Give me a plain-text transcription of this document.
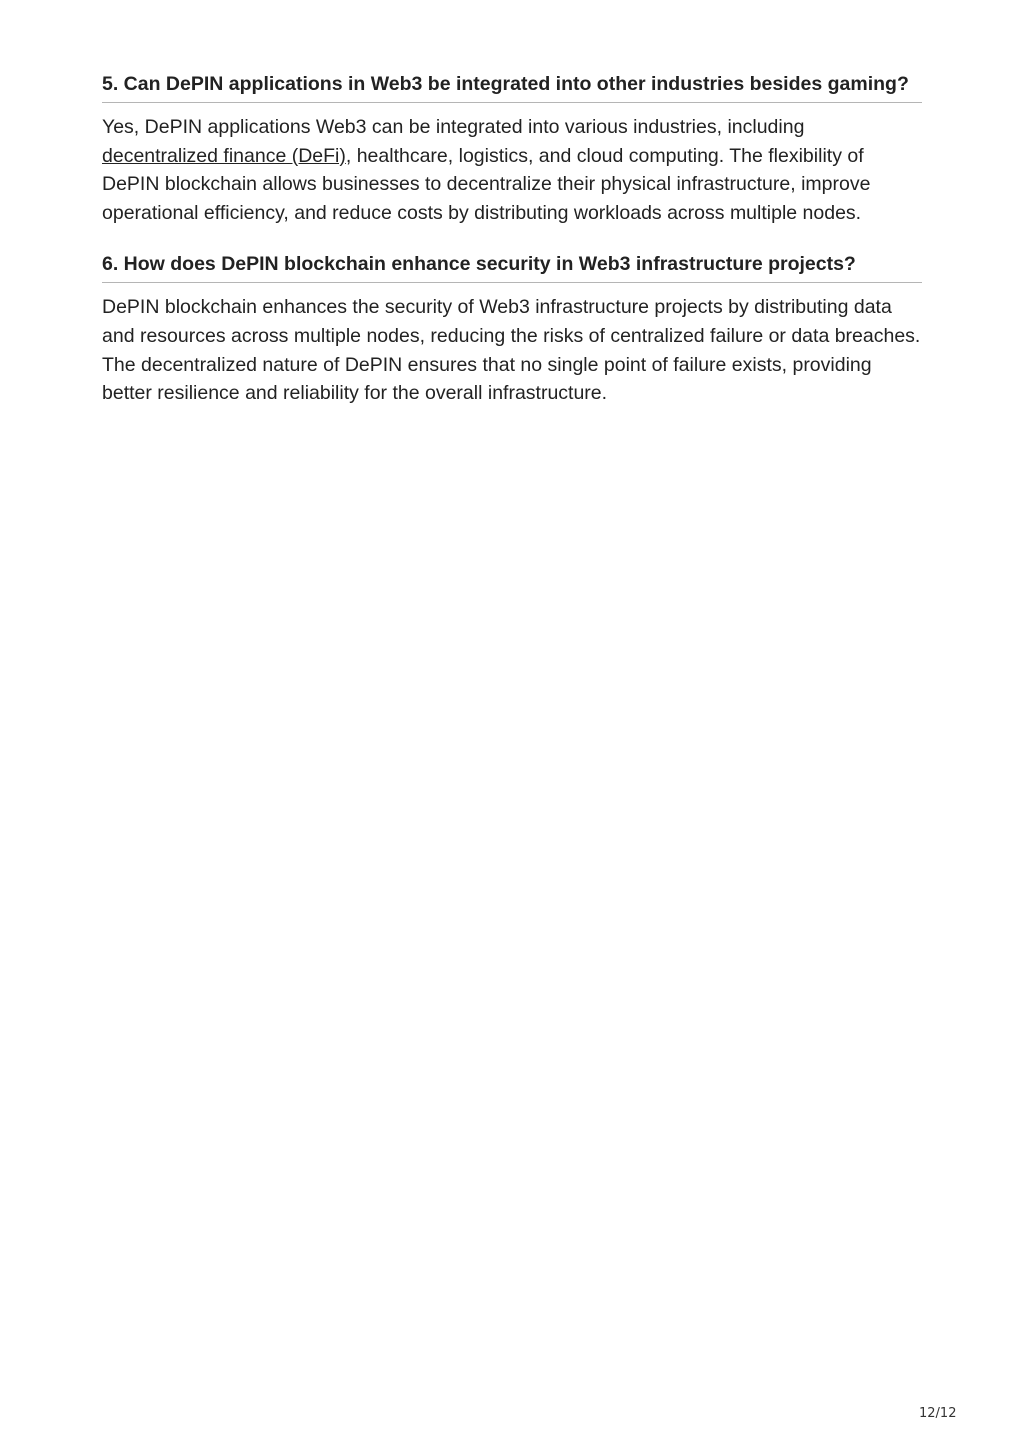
5. Can DePIN applications in Web3 be integrated into other industries besides gaming?

Yes, DePIN applications Web3 can be integrated into various industries, including decentralized finance (DeFi), healthcare, logistics, and cloud computing. The flexibility of DePIN blockchain allows businesses to decentralize their physical infrastructure, improve operational efficiency, and reduce costs by distributing workloads across multiple nodes.

6. How does DePIN blockchain enhance security in Web3 infrastructure projects?

DePIN blockchain enhances the security of Web3 infrastructure projects by distributing data and resources across multiple nodes, reducing the risks of centralized failure or data breaches. The decentralized nature of DePIN ensures that no single point of failure exists, providing better resilience and reliability for the overall infrastructure.

12/12
